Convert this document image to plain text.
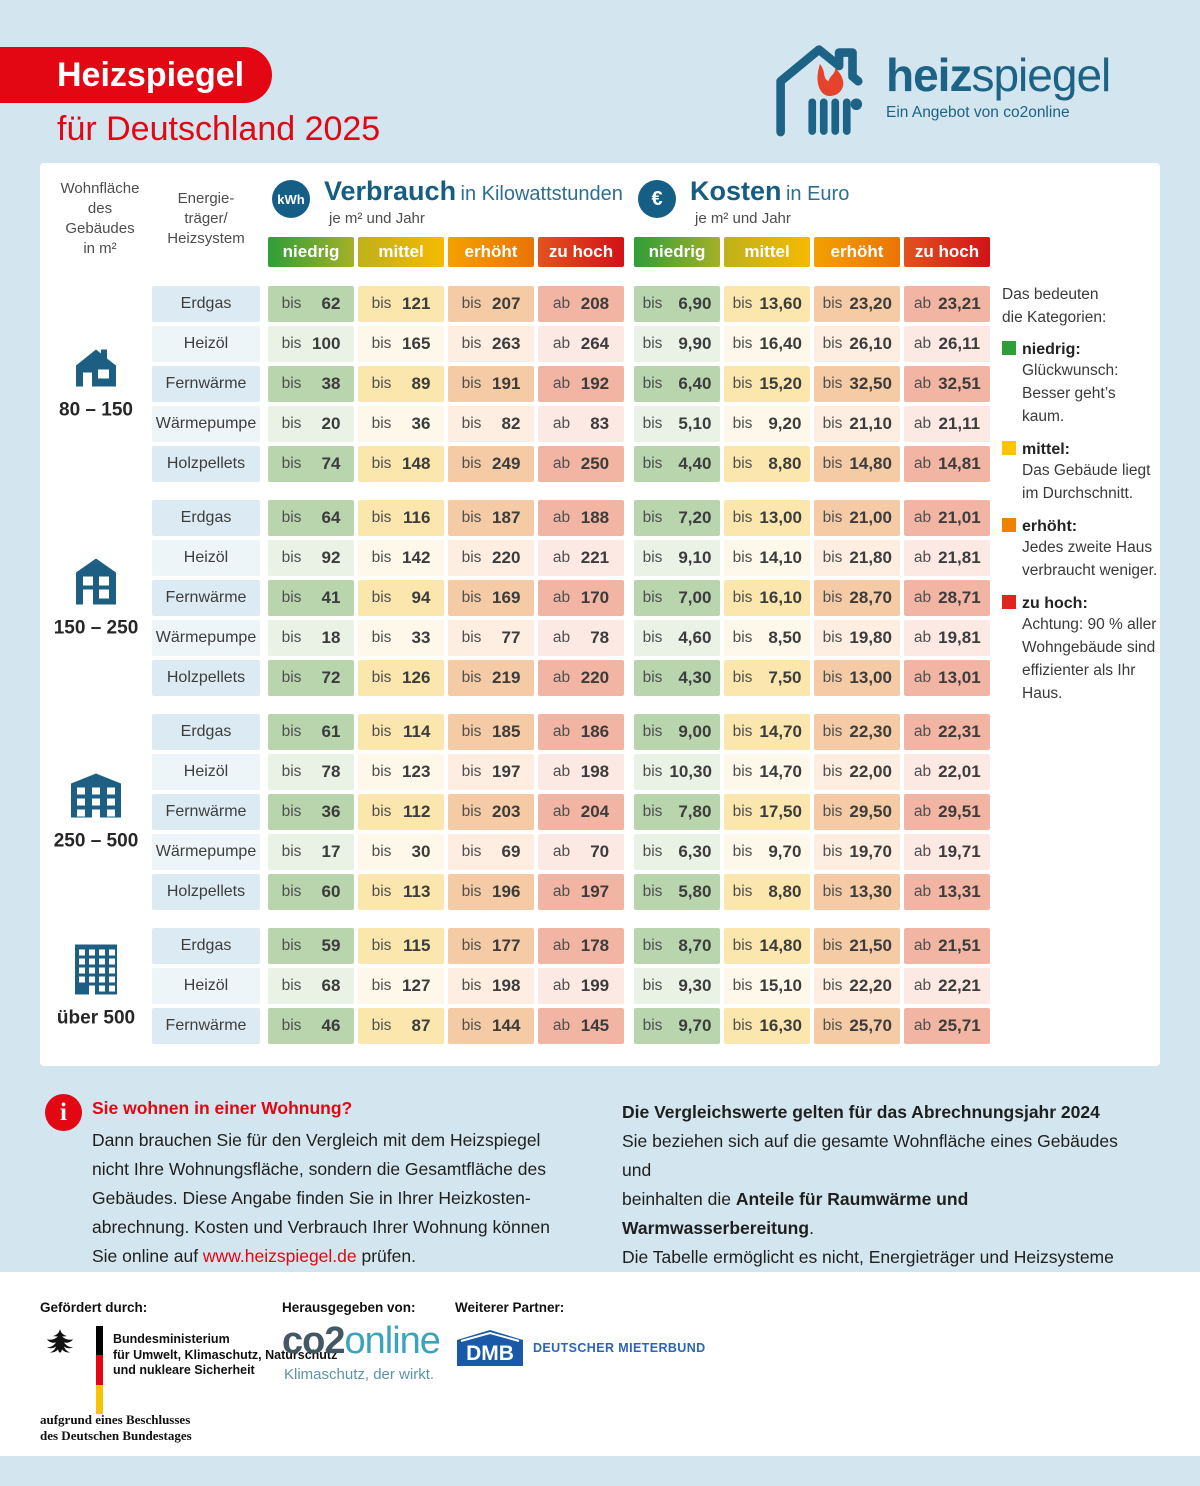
Heizspiegel
für Deutschland 2025
heizspiegel
Ein Angebot von co2online
Wohnfläche
des
Gebäudes
in m²
Energie-
träger/
Heizsystem
kWh Verbrauch in Kilowattstunden
je m² und Jahr
€	Kosten in Euro
je m² und Jahr
niedrig	mittel	erhöht	zu hoch	niedrig	mittel	erhöht	zu hoch
80 – 150
Erdgas	bis	62 bis 121 bis 207 ab 208 bis 6,90 bis 13,60 bis 23,20 ab 23,21
Heizöl	bis 100 bis 165 bis 263 ab 264 bis 9,90 bis 16,40 bis 26,10 ab 26,11
Fernwärme	bis	38 bis	89 bis 191 ab 192 bis 6,40 bis 15,20 bis 32,50 ab 32,51
Wärmepumpe bis	20 bis	36 bis	82 ab	83 bis 5,10 bis 9,20 bis 21,10 ab 21,11
Holzpellets	bis	74 bis 148 bis 249 ab 250 bis 4,40 bis 8,80 bis 14,80 ab 14,81
150 – 250
Erdgas	bis	64 bis 116 bis 187 ab 188 bis 7,20 bis 13,00 bis 21,00 ab 21,01
Heizöl	bis	92 bis 142 bis 220 ab 221 bis 9,10 bis 14,10 bis 21,80 ab 21,81
Fernwärme	bis	41 bis	94 bis 169 ab 170 bis 7,00 bis 16,10 bis 28,70 ab 28,71
Wärmepumpe bis	18 bis	33 bis	77 ab	78 bis 4,60 bis 8,50 bis 19,80 ab 19,81
Holzpellets	bis	72 bis 126 bis 219 ab 220 bis 4,30 bis 7,50 bis 13,00 ab 13,01
250 – 500
Erdgas	bis	61 bis 114 bis 185 ab 186 bis 9,00 bis 14,70 bis 22,30 ab 22,31
Heizöl	bis	78 bis 123 bis 197 ab 198 bis 10,30 bis 14,70 bis 22,00 ab 22,01
Fernwärme	bis	36 bis 112 bis 203 ab 204 bis 7,80 bis 17,50 bis 29,50 ab 29,51
Wärmepumpe bis	17 bis	30 bis	69 ab	70 bis 6,30 bis 9,70 bis 19,70 ab 19,71
Holzpellets	bis	60 bis 113 bis 196 ab 197 bis 5,80 bis 8,80 bis 13,30 ab 13,31
über 500
Erdgas	bis	59 bis 115 bis 177 ab 178 bis 8,70 bis 14,80 bis 21,50 ab 21,51
Heizöl	bis	68 bis 127 bis 198 ab 199 bis 9,30 bis 15,10 bis 22,20 ab 22,21
Fernwärme	bis	46 bis	87 bis 144 ab 145 bis 9,70 bis 16,30 bis 25,70 ab 25,71
Das bedeuten
die Kategorien:
niedrig:
Glückwunsch:
Besser geht’s kaum.
mittel:
Das Gebäude liegt
im Durchschnitt.
erhöht:
Jedes zweite Haus
verbraucht weniger.
zu hoch:
Achtung: 90 % aller
Wohngebäude sind
effizienter als Ihr
Haus.
i	Sie wohnen in einer Wohnung?
Dann brauchen Sie für den Vergleich mit dem Heizspiegel
nicht Ihre Wohnungsfläche, sondern die Gesamtfläche des
Gebäudes. Diese Angabe finden Sie in Ihrer Heizkosten-
abrechnung. Kosten und Verbrauch Ihrer Wohnung können
Sie online auf www.heizspiegel.de prüfen.
Die Vergleichswerte gelten für das Abrechnungsjahr 2024
Sie beziehen sich auf die gesamte Wohnfläche eines Gebäudes und
beinhalten die Anteile für Raumwärme und Warmwasserbereitung.
Die Tabelle ermöglicht es nicht, Energieträger und Heizsysteme
Gefördert durch:	Herausgegeben von:	Weiterer Partner:
Bundesministerium
für Umwelt, Klimaschutz, Naturschutz
und nukleare Sicherheit
aufgrund eines Beschlusses
des Deutschen Bundestages
co2online
Klimaschutz, der wirkt.
DMB DEUTSCHER MIETERBUND
